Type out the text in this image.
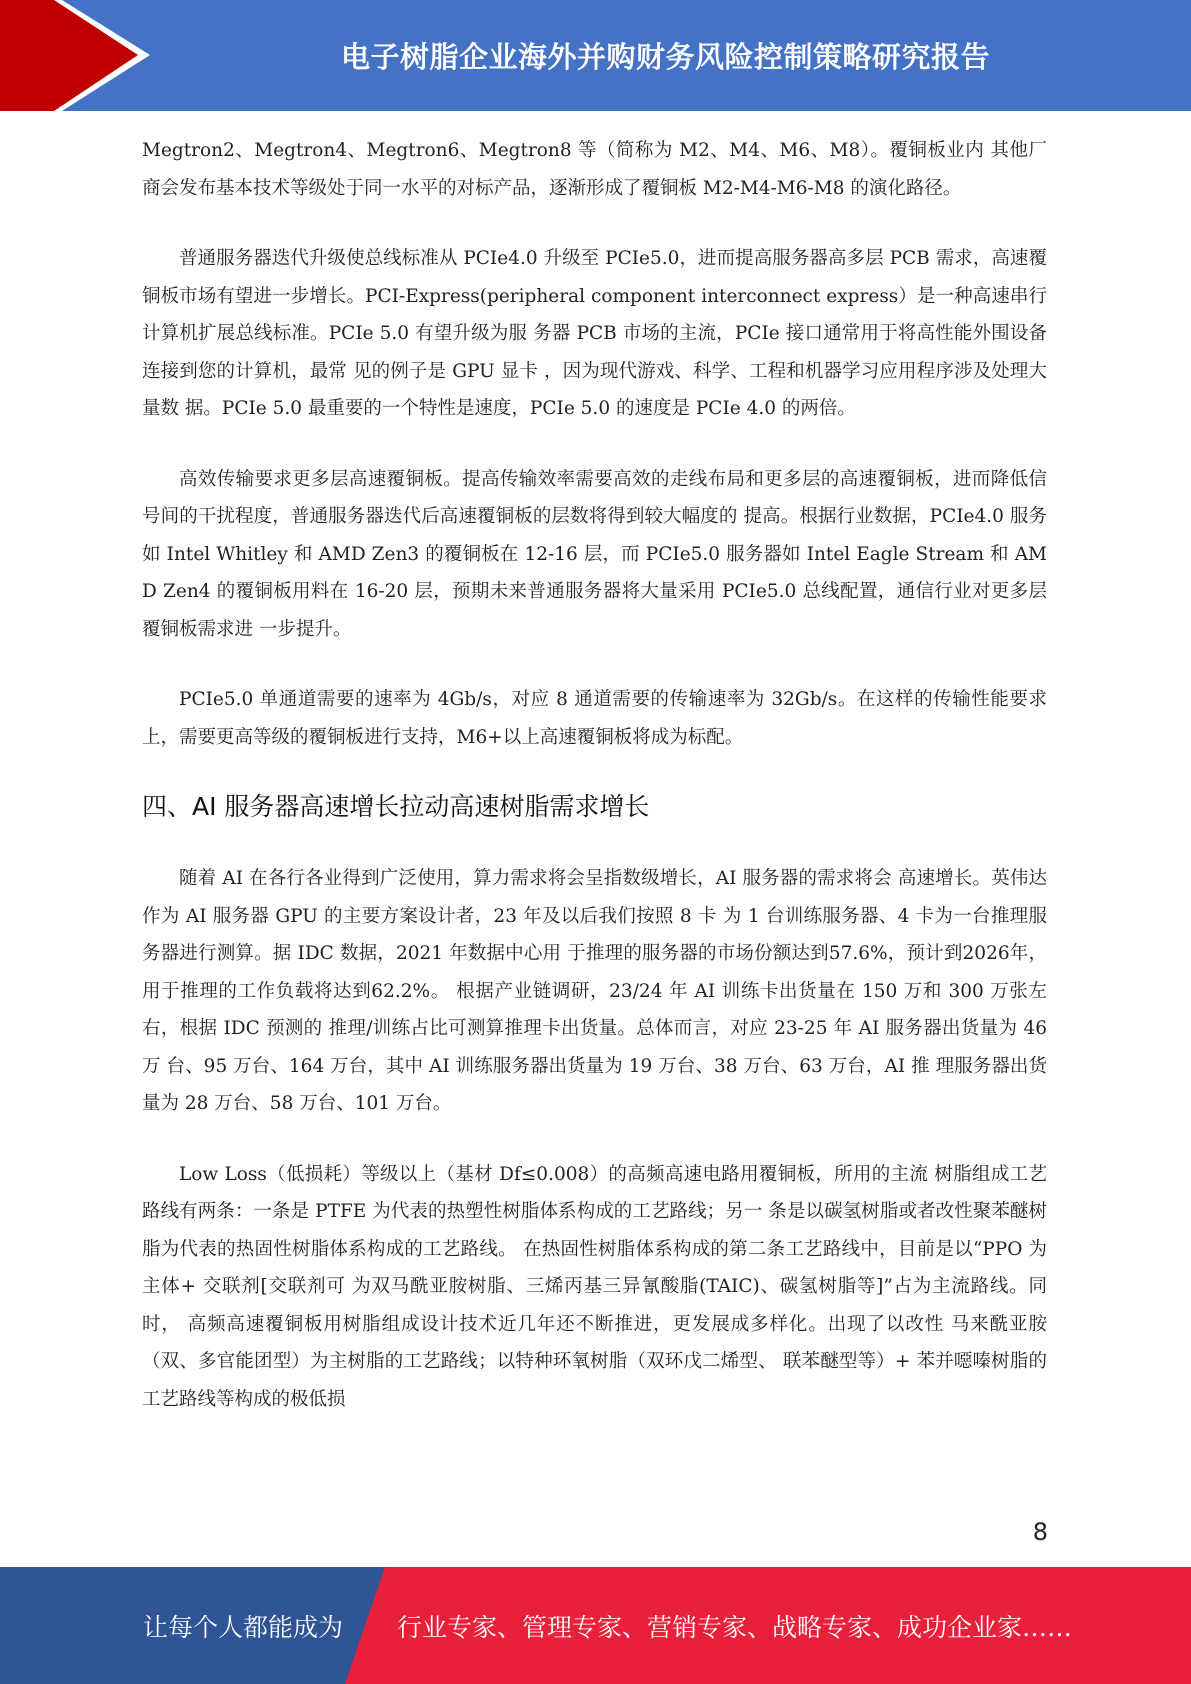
电子树脂企业海外并购财务风险控制策略研究报告

Megtron2、Megtron4、Megtron6、Megtron8 等（简称为 M2、M4、M6、M8）。覆铜板业内 其他厂商会发布基本技术等级处于同一水平的对标产品，逐渐形成了覆铜板 M2-M4-M6-M8 的演化路径。

普通服务器迭代升级使总线标准从 PCIe4.0 升级至 PCIe5.0，进而提高服务器高多层 PCB 需求，高速覆铜板市场有望进一步增长。PCI-Express(peripheral component interconnect express）是一种高速串行计算机扩展总线标准。PCIe 5.0 有望升级为服 务器 PCB 市场的主流，PCIe 接口通常用于将高性能外围设备连接到您的计算机，最常 见的例子是 GPU 显卡 ，因为现代游戏、科学、工程和机器学习应用程序涉及处理大量数 据。PCIe 5.0 最重要的一个特性是速度，PCIe 5.0 的速度是 PCIe 4.0 的两倍。

高效传输要求更多层高速覆铜板。提高传输效率需要高效的走线布局和更多层的高速覆铜板，进而降低信号间的干扰程度，普通服务器迭代后高速覆铜板的层数将得到较大幅度的 提高。根据行业数据，PCIe4.0 服务如 Intel Whitley 和 AMD Zen3 的覆铜板在 12-16 层，而 PCIe5.0 服务器如 Intel Eagle Stream 和 AMD Zen4 的覆铜板用料在 16-20 层，预期未来普通服务器将大量采用 PCIe5.0 总线配置，通信行业对更多层覆铜板需求进 一步提升。

PCIe5.0 单通道需要的速率为 4Gb/s，对应 8 通道需要的传输速率为 32Gb/s。在这样的传输性能要求上，需要更高等级的覆铜板进行支持，M6+以上高速覆铜板将成为标配。

四、AI 服务器高速增长拉动高速树脂需求增长

随着 AI 在各行各业得到广泛使用，算力需求将会呈指数级增长，AI 服务器的需求将会 高速增长。英伟达作为 AI 服务器 GPU 的主要方案设计者，23 年及以后我们按照 8 卡 为 1 台训练服务器、4 卡为一台推理服务器进行测算。据 IDC 数据，2021 年数据中心用 于推理的服务器的市场份额达到57.6%，预计到2026年，用于推理的工作负载将达到62.2%。 根据产业链调研，23/24 年 AI 训练卡出货量在 150 万和 300 万张左右，根据 IDC 预测的 推理/训练占比可测算推理卡出货量。总体而言，对应 23-25 年 AI 服务器出货量为 46 万 台、95 万台、164 万台，其中 AI 训练服务器出货量为 19 万台、38 万台、63 万台，AI 推 理服务器出货量为 28 万台、58 万台、101 万台。

Low Loss（低损耗）等级以上（基材 Df≤0.008）的高频高速电路用覆铜板，所用的主流 树脂组成工艺路线有两条：一条是 PTFE 为代表的热塑性树脂体系构成的工艺路线；另一 条是以碳氢树脂或者改性聚苯醚树脂为代表的热固性树脂体系构成的工艺路线。 在热固性树脂体系构成的第二条工艺路线中，目前是以“PPO 为主体+ 交联剂[交联剂可 为双马酰亚胺树脂、三烯丙基三异氰酸脂(TAIC)、碳氢树脂等]”占为主流路线。同时， 高频高速覆铜板用树脂组成设计技术近几年还不断推进，更发展成多样化。出现了以改性 马来酰亚胺（双、多官能团型）为主树脂的工艺路线；以特种环氧树脂（双环戊二烯型、 联苯醚型等）+ 苯并噁嗪树脂的工艺路线等构成的极低损

8
让每个人都能成为 行业专家、管理专家、营销专家、战略专家、成功企业家……
